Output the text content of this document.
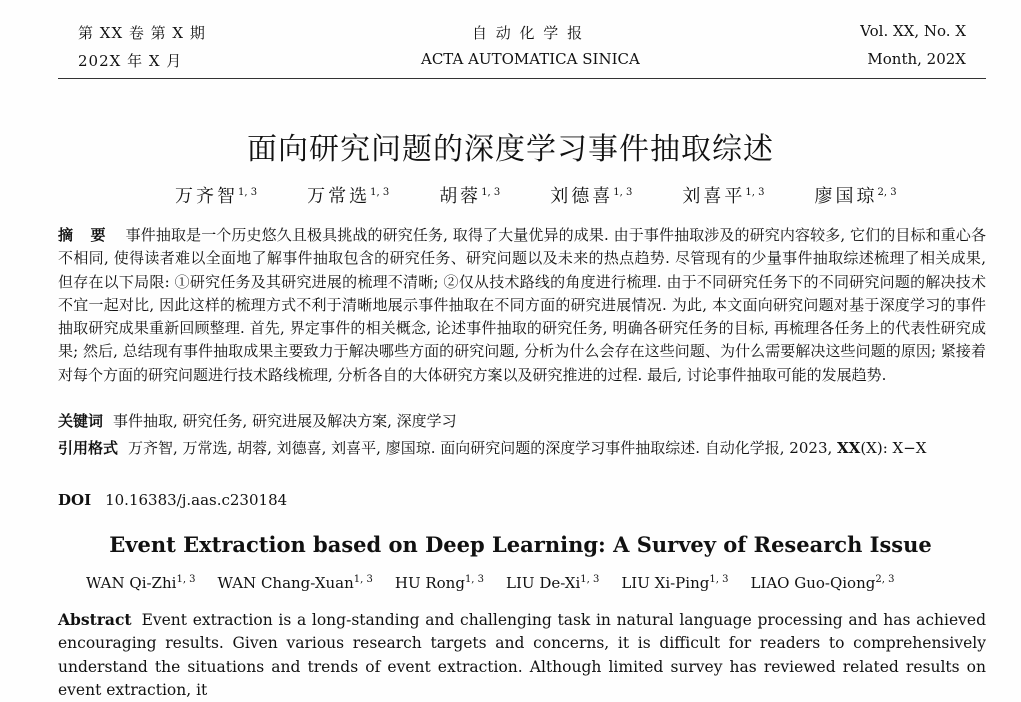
第 XX 卷 第 X 期
202X 年 X 月
自 动 化 学 报
ACTA AUTOMATICA SINICA
Vol. XX, No. X
Month, 202X
面向研究问题的深度学习事件抽取综述
万齐智$^{1, 3}$	万常选$^{1, 3}$	胡蓉$^{1, 3}$	刘德喜$^{1, 3}$	刘喜平$^{1, 3}$	廖国琼$^{2, 3}$
摘 要 事件抽取是一个历史悠久且极具挑战的研究任务, 取得了大量优异的成果. 由于事件抽取涉及的研究内容较多, 它们的目标和重心各不相同, 使得读者难以全面地了解事件抽取包含的研究任务、研究问题以及未来的热点趋势. 尽管现有的少量事件抽取综述梳理了相关成果, 但存在以下局限: ①研究任务及其研究进展的梳理不清晰; ②仅从技术路线的角度进行梳理. 由于不同研究任务下的不同研究问题的解决技术不宜一起对比, 因此这样的梳理方式不利于清晰地展示事件抽取在不同方面的研究进展情况. 为此, 本文面向研究问题对基于深度学习的事件抽取研究成果重新回顾整理. 首先, 界定事件的相关概念, 论述事件抽取的研究任务, 明确各研究任务的目标, 再梳理各任务上的代表性研究成果; 然后, 总结现有事件抽取成果主要致力于解决哪些方面的研究问题, 分析为什么会存在这些问题、为什么需要解决这些问题的原因; 紧接着对每个方面的研究问题进行技术路线梳理, 分析各自的大体研究方案以及研究推进的过程. 最后, 讨论事件抽取可能的发展趋势.
关键词 事件抽取, 研究任务, 研究进展及解决方案, 深度学习
引用格式 万齐智, 万常选, 胡蓉, 刘德喜, 刘喜平, 廖国琼. 面向研究问题的深度学习事件抽取综述. 自动化学报, 2023, XX(X): X−X
DOI 10.16383/j.aas.c230184
Event Extraction based on Deep Learning: A Survey of Research Issue
WAN Qi-Zhi$^{1, 3}$ WAN Chang-Xuan$^{1, 3}$ HU Rong$^{1, 3}$ LIU De-Xi$^{1, 3}$ LIU Xi-Ping$^{1, 3}$ LIAO Guo-Qiong$^{2, 3}$
Abstract Event extraction is a long-standing and challenging task in natural language processing and has achieved encouraging results. Given various research targets and concerns, it is difficult for readers to comprehensively understand the situations and trends of event extraction. Although limited survey has reviewed related results on event extraction, it
